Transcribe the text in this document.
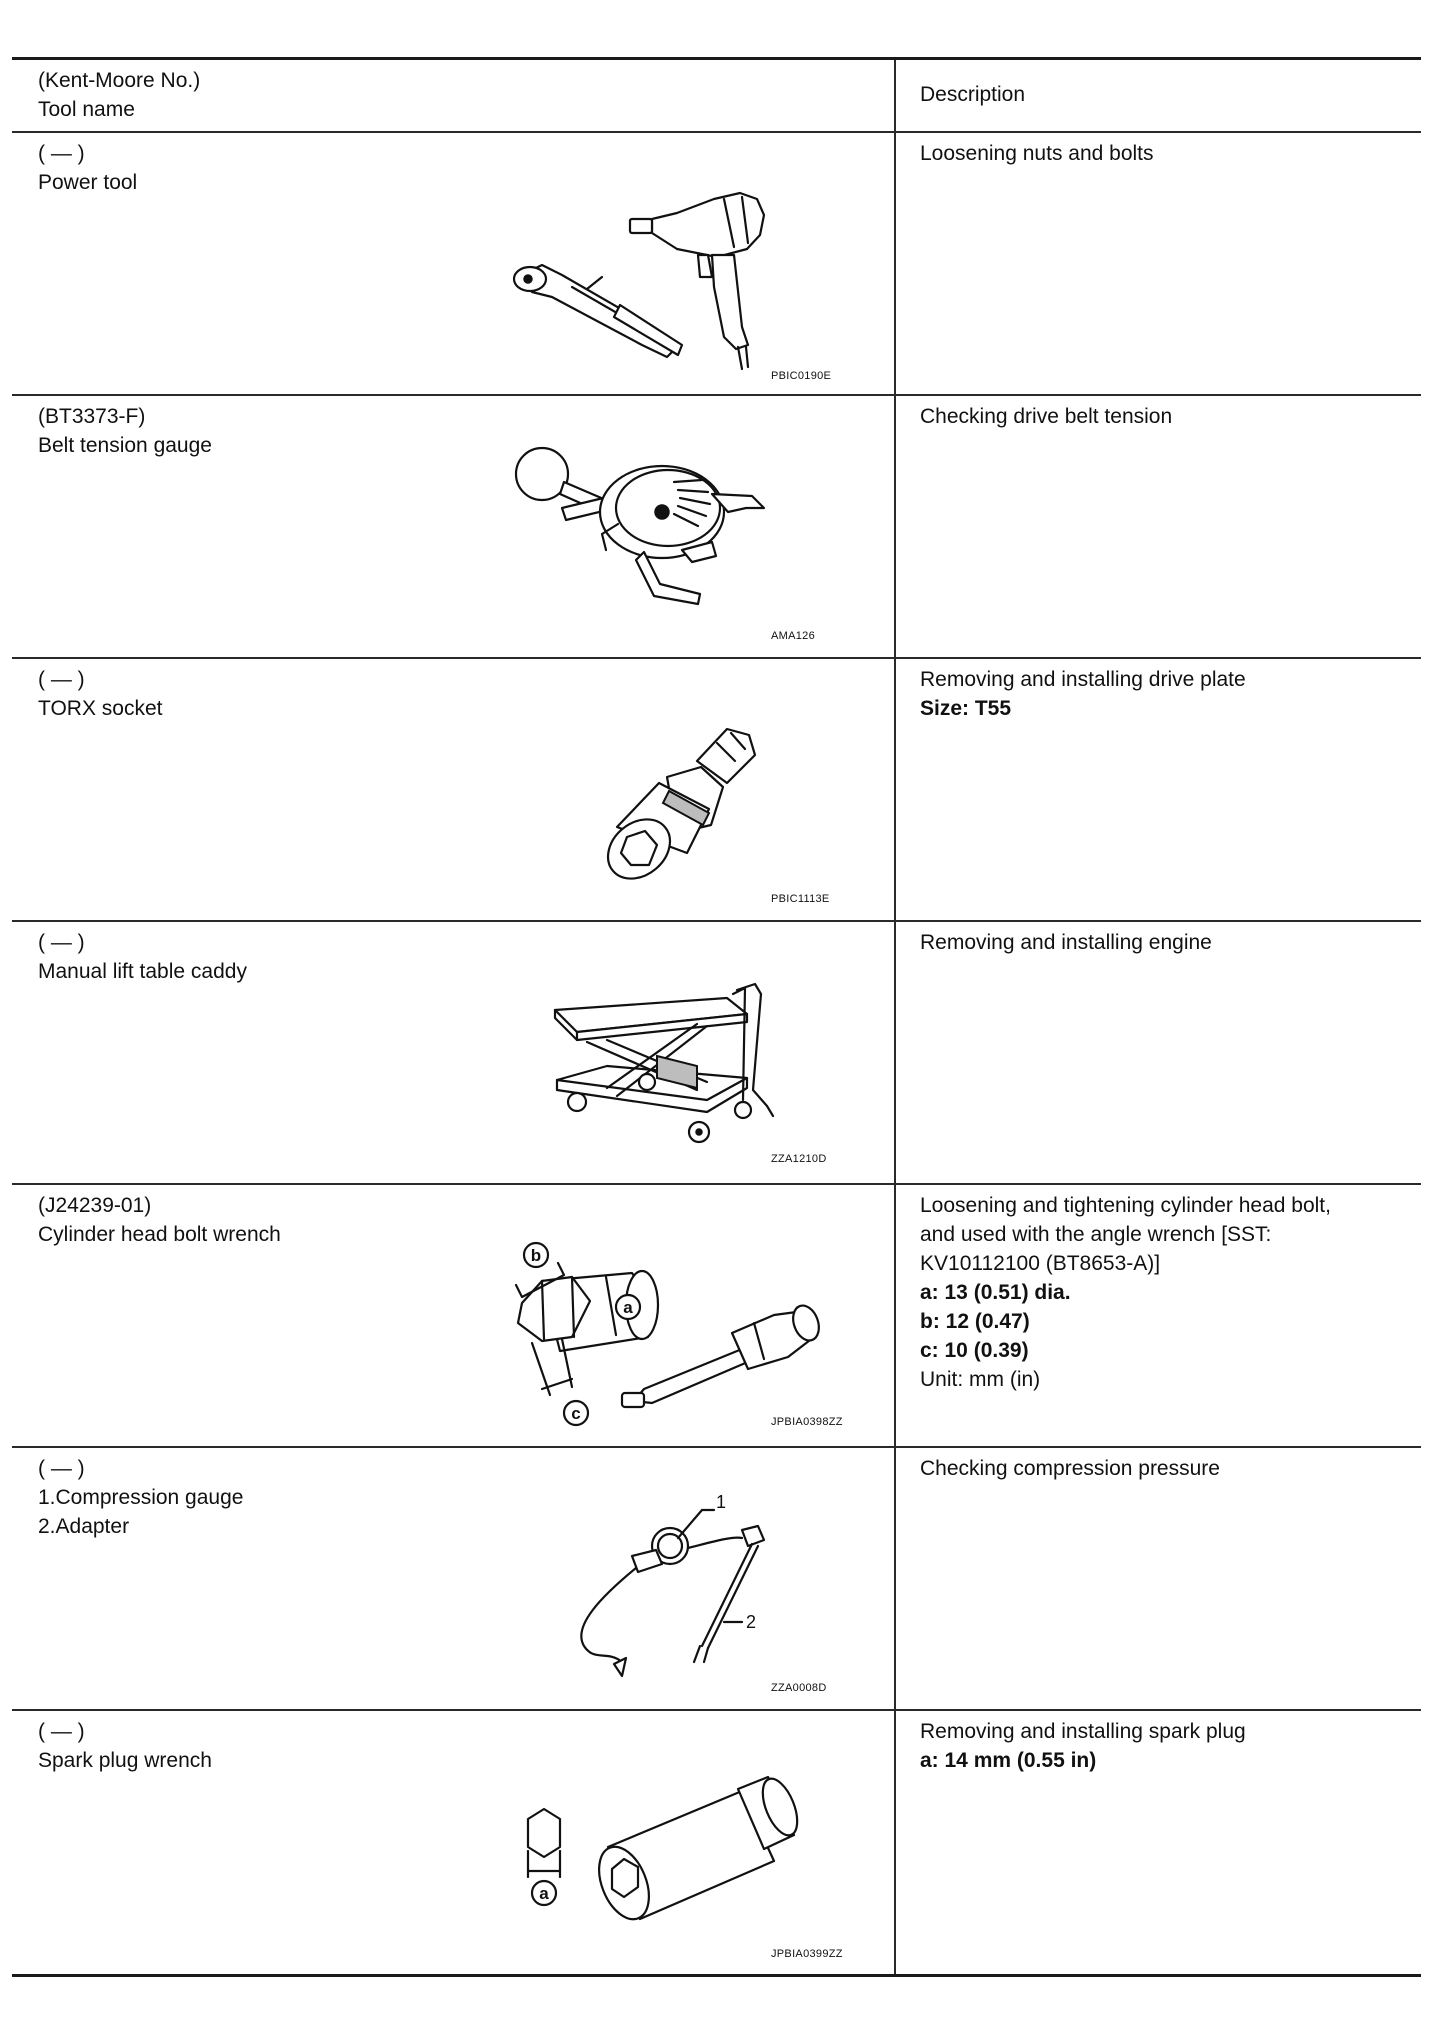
(Kent-Moore No.)
Tool name
Description
( — )
Power tool
PBIC0190E
Loosening nuts and bolts
(BT3373-F)
Belt tension gauge
AMA126
Checking drive belt tension
( — )
TORX socket
PBIC1113E
Removing and installing drive plate
Size: T55
( — )
Manual lift table caddy
ZZA1210D
Removing and installing engine
(J24239-01)
Cylinder head bolt wrench
b
a
c	JPBIA0398ZZ
Loosening and tightening cylinder head bolt,
and used with the angle wrench [SST:
KV10112100 (BT8653-A)]
a: 13 (0.51) dia.
b: 12 (0.47)
c: 10 (0.39)
Unit: mm (in)
( — )
1.Compression gauge
2.Adapter
1
2
ZZA0008D
Checking compression pressure
( — )
Spark plug wrench
a
JPBIA0399ZZ
Removing and installing spark plug
a: 14 mm (0.55 in)
